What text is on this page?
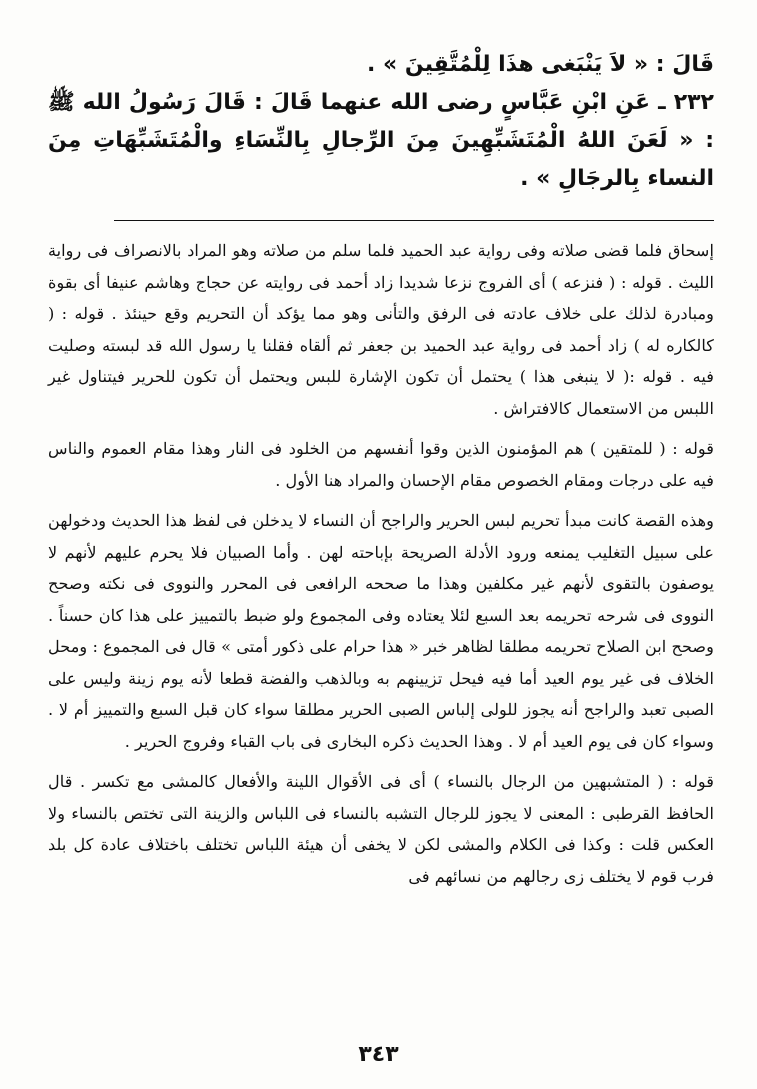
قَالَ : « لاَ يَنْبَغى هذَا لِلْمُتَّقِينَ » .

٢٣٢ ـ عَنِ ابْنِ عَبَّاسٍ رضى الله عنهما قَالَ : قَالَ رَسُولُ الله ﷺ : « لَعَنَ اللهُ الْمُتَشَبِّهِينَ مِنَ الرِّجالِ بِالنِّسَاءِ والْمُتَشَبِّهَاتِ مِنَ النساء بِالرجَالِ » .

إسحاق فلما قضى صلاته وفى رواية عبد الحميد فلما سلم من صلاته وهو المراد بالانصراف فى رواية الليث . قوله : ( فنزعه ) أى الفروج نزعا شديدا زاد أحمد فى روايته عن حجاج وهاشم عنيفا أى بقوة ومبادرة لذلك على خلاف عادته فى الرفق والتأنى وهو مما يؤكد أن التحريم وقع حينئذ . قوله : ( كالكاره له ) زاد أحمد فى رواية عبد الحميد بن جعفر ثم ألقاه فقلنا يا رسول الله قد لبسته وصليت فيه . قوله :( لا ينبغى هذا ) يحتمل أن تكون الإشارة للبس ويحتمل أن تكون للحرير فيتناول غير اللبس من الاستعمال كالافتراش .

قوله : ( للمتقين ) هم المؤمنون الذين وقوا أنفسهم من الخلود فى النار وهذا مقام العموم والناس فيه على درجات ومقام الخصوص مقام الإحسان والمراد هنا الأول .

وهذه القصة كانت مبدأ تحريم لبس الحرير والراجح أن النساء لا يدخلن فى لفظ هذا الحديث ودخولهن على سبيل التغليب يمنعه ورود الأدلة الصريحة بإباحته لهن . وأما الصبيان فلا يحرم عليهم لأنهم لا يوصفون بالتقوى لأنهم غير مكلفين وهذا ما صححه الرافعى فى المحرر والنووى فى نكته وصحح النووى فى شرحه تحريمه بعد السبع لئلا يعتاده وفى المجموع ولو ضبط بالتمييز على هذا كان حسناً . وصحح ابن الصلاح تحريمه مطلقا لظاهر خبر « هذا حرام على ذكور أمتى » قال فى المجموع : ومحل الخلاف فى غير يوم العيد أما فيه فيحل تزيينهم به وبالذهب والفضة قطعا لأنه يوم زينة وليس على الصبى تعبد والراجح أنه يجوز للولى إلباس الصبى الحرير مطلقا سواء كان قبل السبع والتمييز أم لا . وسواء كان فى يوم العيد أم لا . وهذا الحديث ذكره البخارى فى باب القباء وفروج الحرير .

قوله : ( المتشبهين من الرجال بالنساء ) أى فى الأقوال اللينة والأفعال كالمشى مع تكسر . قال الحافظ القرطبى : المعنى لا يجوز للرجال التشبه بالنساء فى اللباس والزينة التى تختص بالنساء ولا العكس قلت : وكذا فى الكلام والمشى لكن لا يخفى أن هيئة اللباس تختلف باختلاف عادة كل بلد فرب قوم لا يختلف زى رجالهم من نسائهم فى

٣٤٣
